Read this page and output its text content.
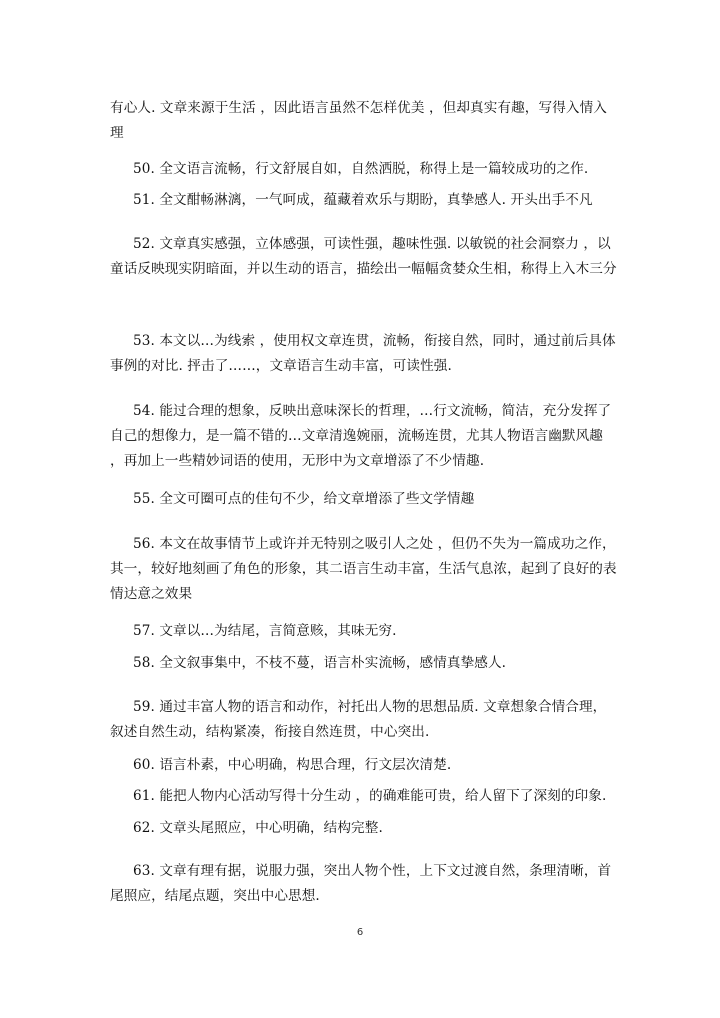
有心人. 文章来源于生活 ，因此语言虽然不怎样优美 ，但却真实有趣，写得入情入理

50. 全文语言流畅，行文舒展自如，自然洒脱，称得上是一篇较成功的之作.

51. 全文酣畅淋漓，一气呵成，蕴藏着欢乐与期盼，真挚感人. 开头出手不凡

52. 文章真实感强，立体感强，可读性强，趣味性强. 以敏锐的社会洞察力 ，以童话反映现实阴暗面，并以生动的语言，描绘出一幅幅贪婪众生相，称得上入木三分

53. 本文以…为线索 ，使用权文章连贯，流畅，衔接自然，同时，通过前后具体事例的对比. 抨击了……，文章语言生动丰富，可读性强.

54. 能过合理的想象，反映出意味深长的哲理，…行文流畅，简洁，充分发挥了自己的想像力，是一篇不错的…文章清逸婉丽，流畅连贯，尤其人物语言幽默风趣 ，再加上一些精妙词语的使用，无形中为文章增添了不少情趣.

55. 全文可圈可点的佳句不少，给文章增添了些文学情趣

56. 本文在故事情节上或许并无特别之吸引人之处 ，但仍不失为一篇成功之作，其一，较好地刻画了角色的形象，其二语言生动丰富，生活气息浓，起到了良好的表情达意之效果

57. 文章以…为结尾，言简意赅，其味无穷.

58. 全文叙事集中，不枝不蔓，语言朴实流畅，感情真挚感人.

59. 通过丰富人物的语言和动作，衬托出人物的思想品质. 文章想象合情合理，叙述自然生动，结构紧凑，衔接自然连贯，中心突出.

60. 语言朴素，中心明确，构思合理，行文层次清楚.

61. 能把人物内心活动写得十分生动 ，的确难能可贵，给人留下了深刻的印象.

62. 文章头尾照应，中心明确，结构完整.

63. 文章有理有据，说服力强，突出人物个性，上下文过渡自然，条理清晰，首尾照应，结尾点题，突出中心思想.

6
